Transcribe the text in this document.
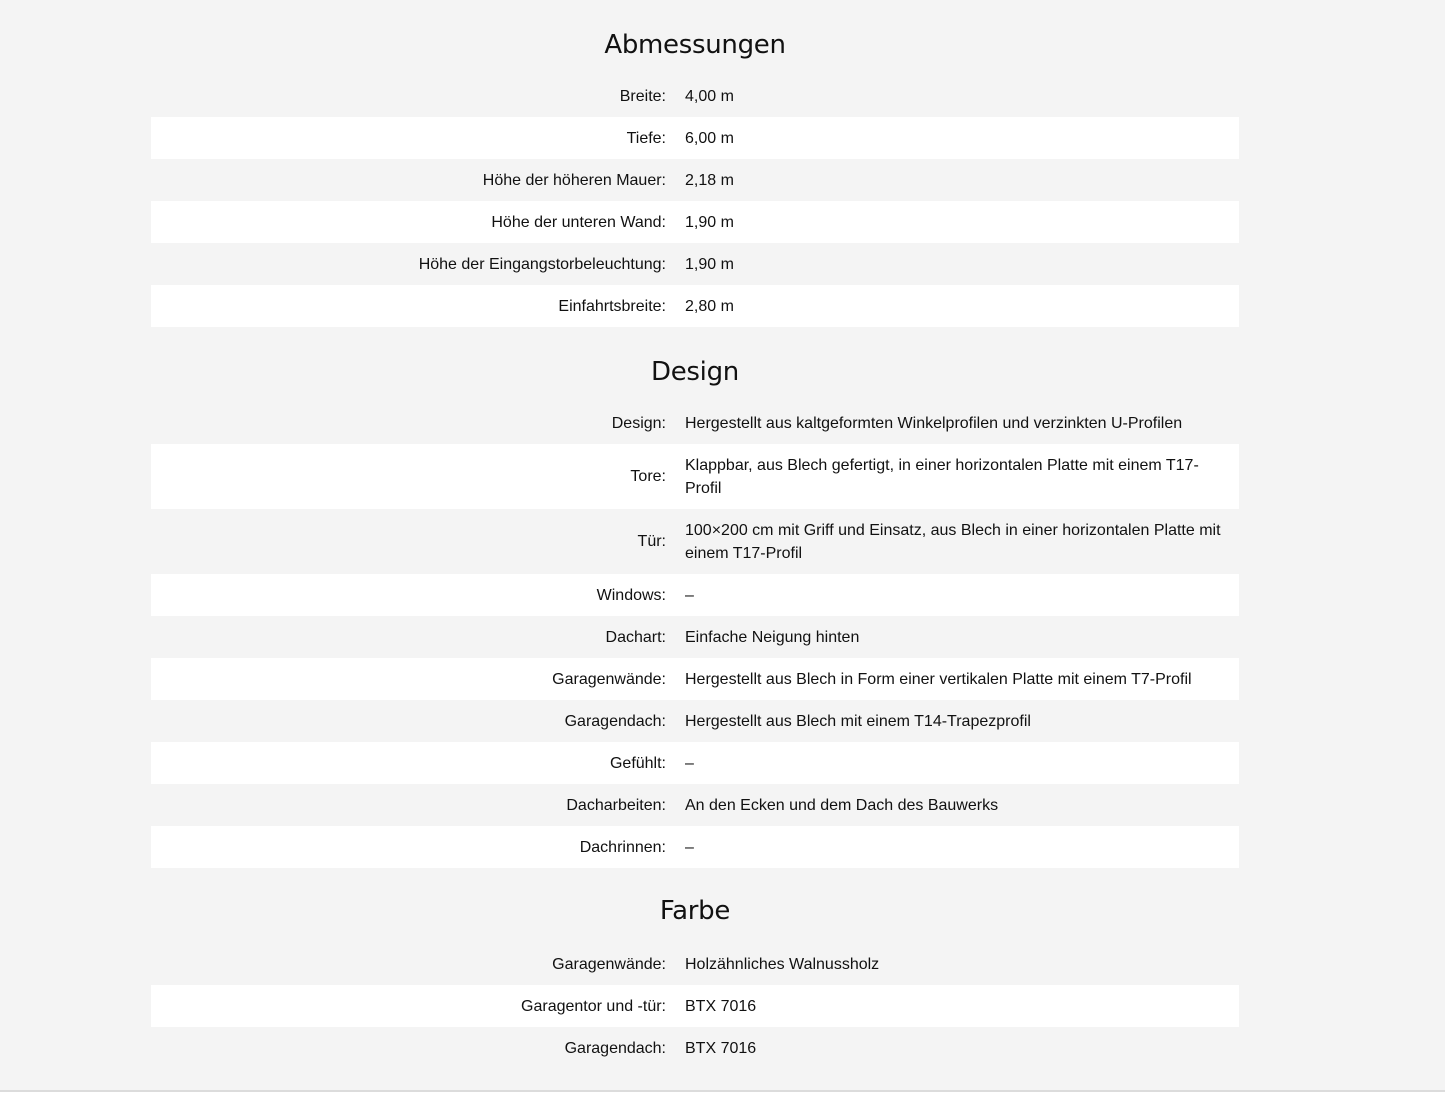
Abmessungen
Breite:	4,00 m
Tiefe:	6,00 m
Höhe der höheren Mauer:	2,18 m
Höhe der unteren Wand:	1,90 m
Höhe der Eingangstorbeleuchtung:	1,90 m
Einfahrtsbreite:	2,80 m
Design
Design:	Hergestellt aus kaltgeformten Winkelprofilen und verzinkten U-Profilen
Tore:
Klappbar, aus Blech gefertigt, in einer horizontalen Platte mit einem T17-Profil
Tür:
100×200 cm mit Griff und Einsatz, aus Blech in einer horizontalen Platte mit einem T17-Profil
Windows:	–
Dachart:	Einfache Neigung hinten
Garagenwände:	Hergestellt aus Blech in Form einer vertikalen Platte mit einem T7-Profil
Garagendach:	Hergestellt aus Blech mit einem T14-Trapezprofil
Gefühlt:	–
Dacharbeiten:	An den Ecken und dem Dach des Bauwerks
Dachrinnen:	–
Farbe
Garagenwände:	Holzähnliches Walnussholz
Garagentor und -tür:	BTX 7016
Garagendach:	BTX 7016
